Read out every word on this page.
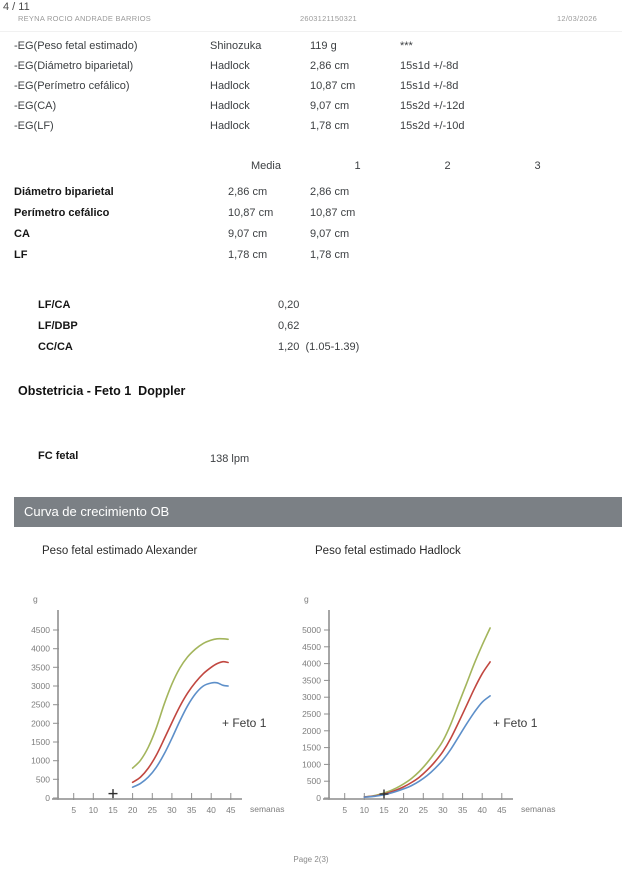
4 / 11
REYNA ROCIO ANDRADE BARRIOS	2603121150321	12/03/2026
-EG(Peso fetal estimado)	Shinozuka	119 g	***
-EG(Diámetro biparietal)	Hadlock	2,86 cm	15s1d +/-8d
-EG(Perímetro cefálico)	Hadlock	10,87 cm	15s1d +/-8d
-EG(CA)	Hadlock	9,07 cm	15s2d +/-12d
-EG(LF)	Hadlock	1,78 cm	15s2d +/-10d
Media	1	2	3
Diámetro biparietal	2,86 cm	2,86 cm
Perímetro cefálico	10,87 cm	10,87 cm
CA	9,07 cm	9,07 cm
LF	1,78 cm	1,78 cm
LF/CA	0,20
LF/DBP	0,62
CC/CA	1,20  (1.05-1.39)
Obstetricia - Feto 1  Doppler
FC fetal	138 lpm
Curva de crecimiento OB
Peso fetal estimado Alexander	Peso fetal estimado Hadlock
0
500
1000
1500
2000
2500
3000
3500
4000
4500
5 10 15 20 25 30 35 40 45
g
semanas
+ Feto 1
0
500
1000
1500
2000
2500
3000
3500
4000
4500
5000
5 10 15 20 25 30 35 40 45
g
semanas
+ Feto 1
Page 2(3)
